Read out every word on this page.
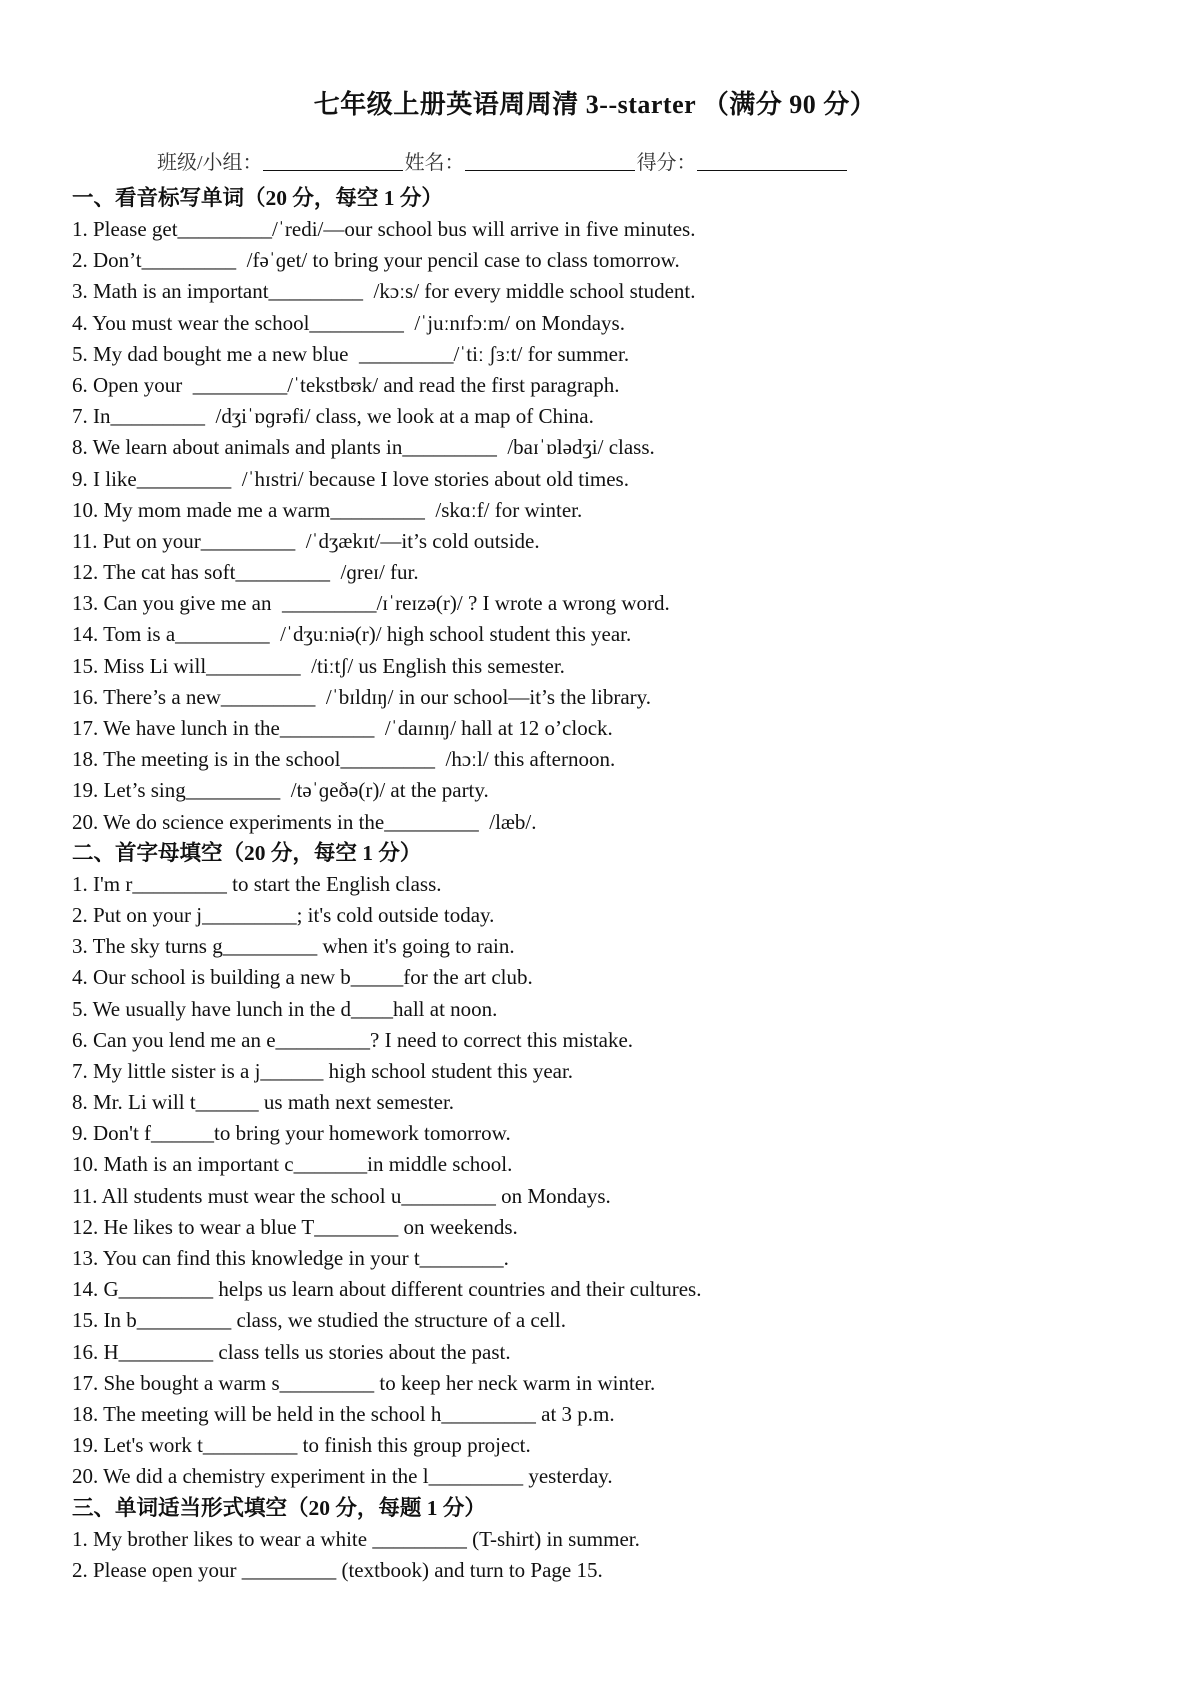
七年级上册英语周周清 3--starter （满分 90 分）
班级/小组：	姓名：	得分：
一、看音标写单词（20 分，每空 1 分）
1. Please get_________/ˈredi/—our school bus will arrive in five minutes.
2. Don’t_________  /fəˈɡet/ to bring your pencil case to class tomorrow.
3. Math is an important_________  /kɔːs/ for every middle school student.
4. You must wear the school_________  /ˈjuːnɪfɔːm/ on Mondays.
5. My dad bought me a new blue  _________/ˈtiː ʃɜːt/ for summer.
6. Open your  _________/ˈtekstbʊk/ and read the first paragraph.
7. In_________  /dʒiˈɒɡrəfi/ class, we look at a map of China.
8. We learn about animals and plants in_________  /baɪˈɒlədʒi/ class.
9. I like_________  /ˈhɪstri/ because I love stories about old times.
10. My mom made me a warm_________  /skɑːf/ for winter.
11. Put on your_________  /ˈdʒækɪt/—it’s cold outside.
12. The cat has soft_________  /ɡreɪ/ fur.
13. Can you give me an  _________/ɪˈreɪzə(r)/ ? I wrote a wrong word.
14. Tom is a_________  /ˈdʒuːniə(r)/ high school student this year.
15. Miss Li will_________  /tiːtʃ/ us English this semester.
16. There’s a new_________  /ˈbɪldɪŋ/ in our school—it’s the library.
17. We have lunch in the_________  /ˈdaɪnɪŋ/ hall at 12 o’clock.
18. The meeting is in the school_________  /hɔːl/ this afternoon.
19. Let’s sing_________  /təˈɡeðə(r)/ at the party.
20. We do science experiments in the_________  /læb/.
二、首字母填空（20 分，每空 1 分）
1. I'm r_________ to start the English class.
2. Put on your j_________; it's cold outside today.
3. The sky turns g_________ when it's going to rain.
4. Our school is building a new b_____for the art club.
5. We usually have lunch in the d____hall at noon.
6. Can you lend me an e_________? I need to correct this mistake.
7. My little sister is a j______ high school student this year.
8. Mr. Li will t______ us math next semester.
9. Don't f______to bring your homework tomorrow.
10. Math is an important c_______in middle school.
11. All students must wear the school u_________ on Mondays.
12. He likes to wear a blue T________ on weekends.
13. You can find this knowledge in your t________.
14. G_________ helps us learn about different countries and their cultures.
15. In b_________ class, we studied the structure of a cell.
16. H_________ class tells us stories about the past.
17. She bought a warm s_________ to keep her neck warm in winter.
18. The meeting will be held in the school h_________ at 3 p.m.
19. Let's work t_________ to finish this group project.
20. We did a chemistry experiment in the l_________ yesterday.
三、单词适当形式填空（20 分，每题 1 分）
1. My brother likes to wear a white _________ (T-shirt) in summer.
2. Please open your _________ (textbook) and turn to Page 15.
